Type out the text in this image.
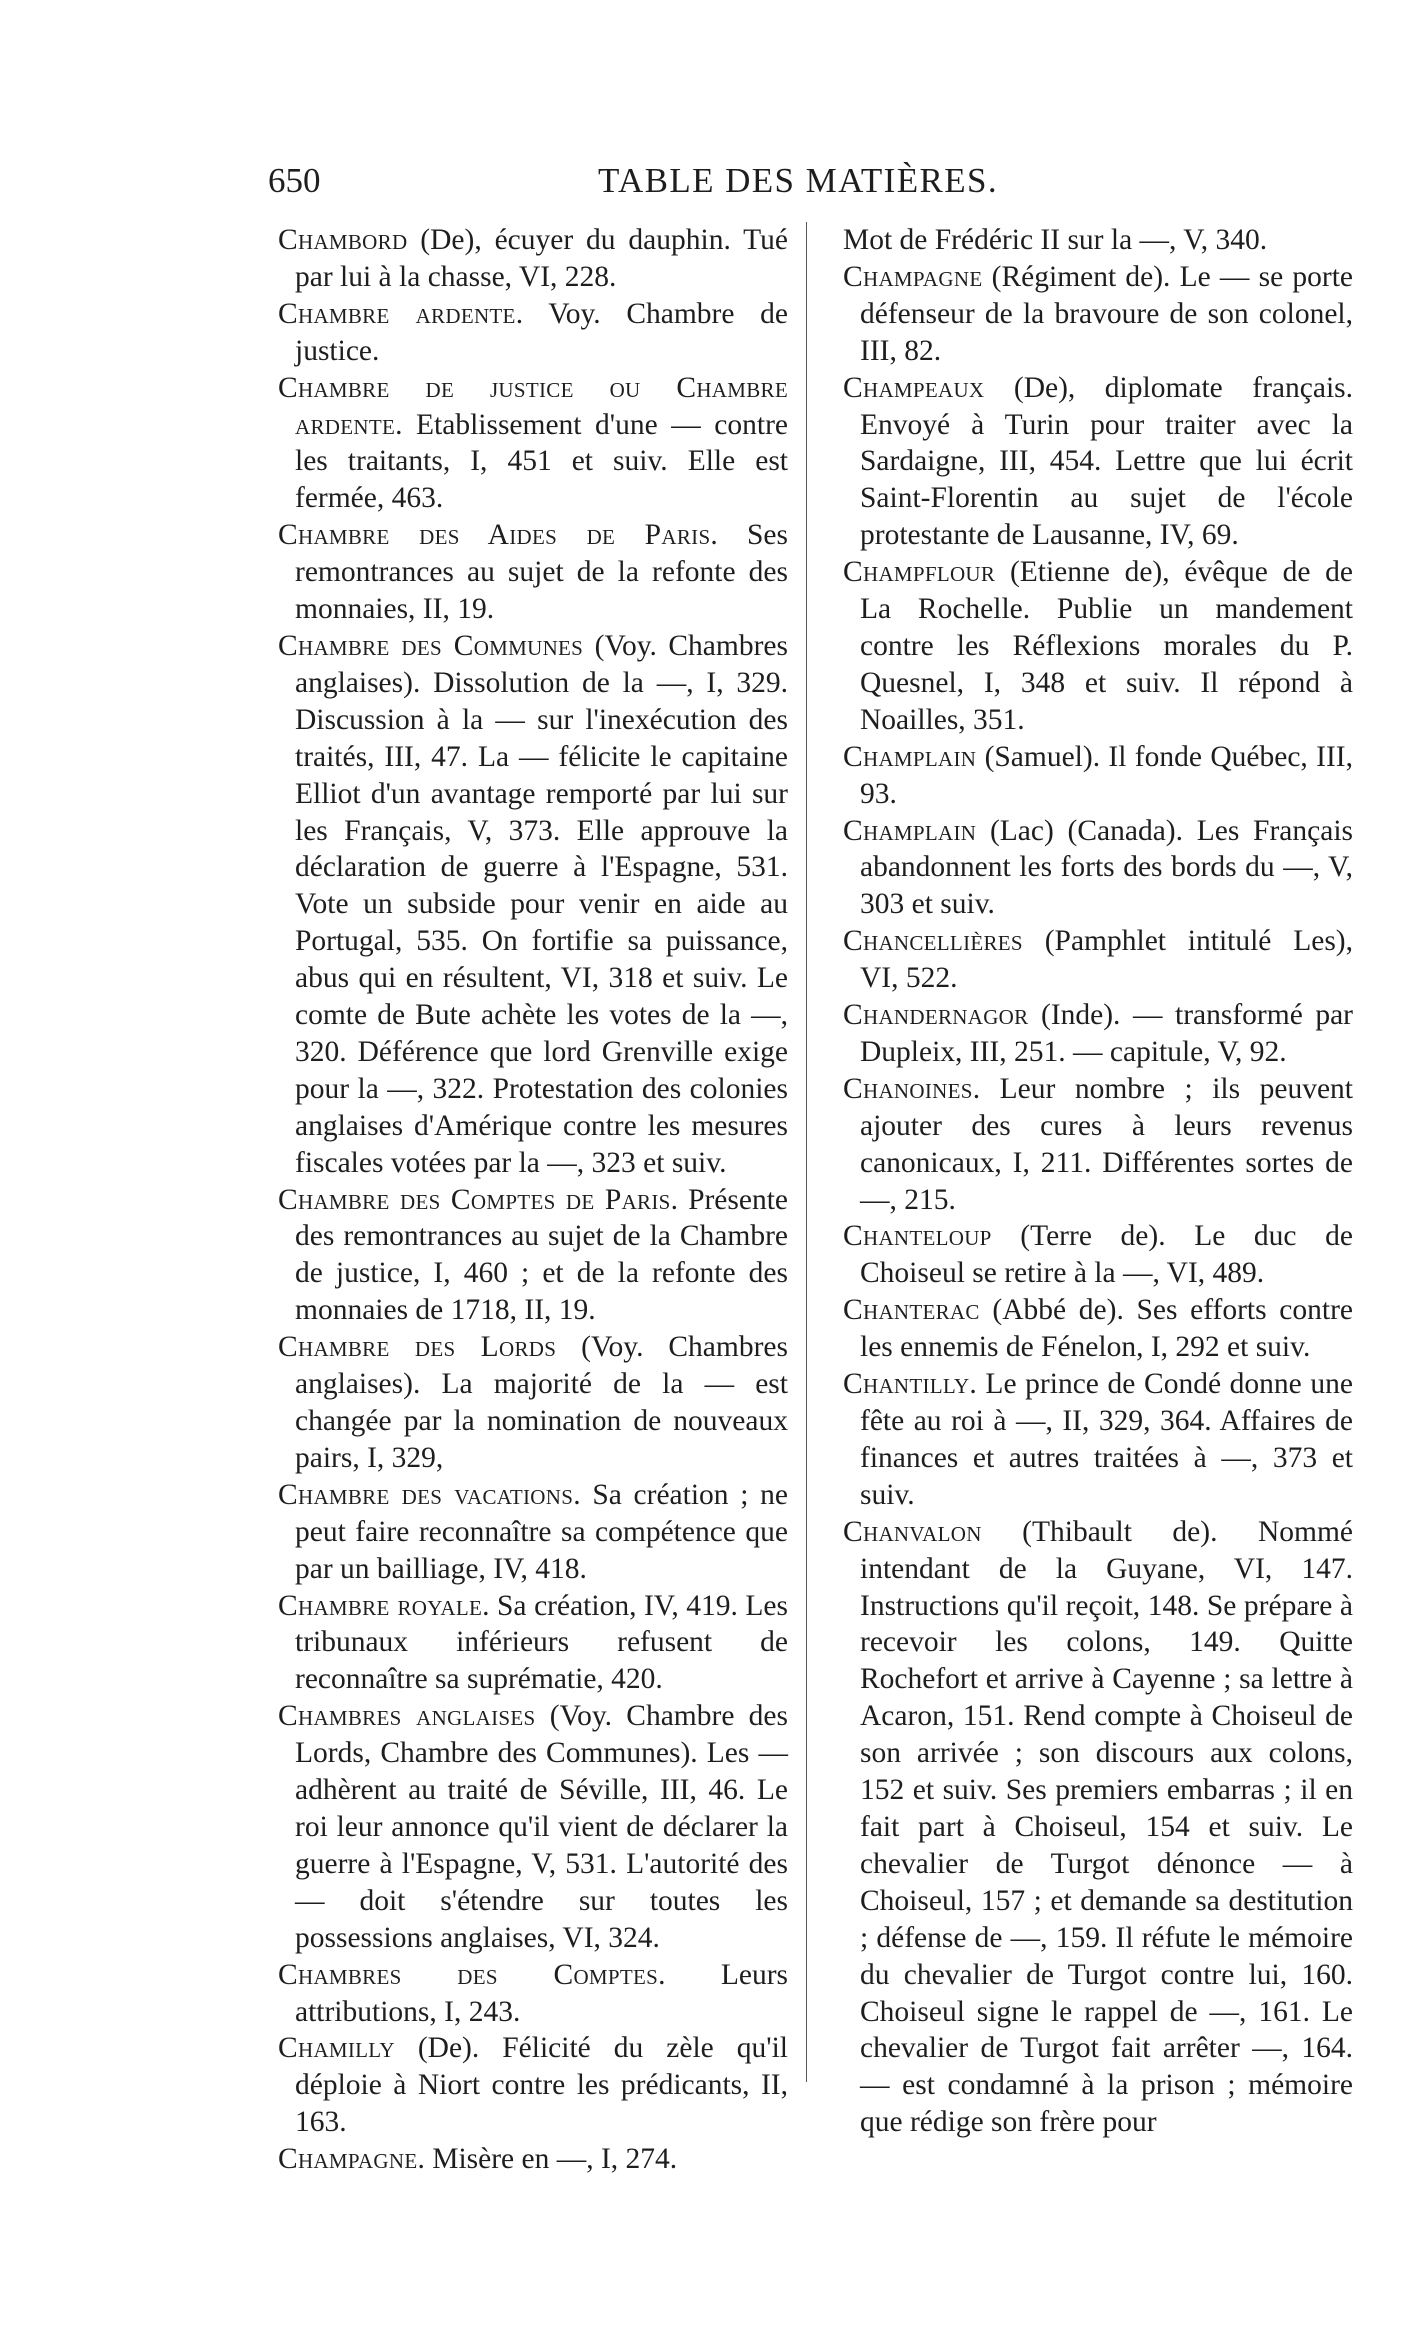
650	TABLE DES MATIÈRES.

Chambord (De), écuyer du dauphin. Tué par lui à la chasse, VI, 228.

Chambre ardente. Voy. Chambre de justice.

Chambre de justice ou Chambre ardente. Etablissement d'une — contre les traitants, I, 451 et suiv. Elle est fermée, 463.

Chambre des Aides de Paris. Ses remontrances au sujet de la refonte des monnaies, II, 19.

Chambre des Communes (Voy. Chambres anglaises). Dissolution de la —, I, 329. Discussion à la — sur l'inexécution des traités, III, 47. La — félicite le capitaine Elliot d'un avantage remporté par lui sur les Français, V, 373. Elle approuve la déclaration de guerre à l'Espagne, 531. Vote un subside pour venir en aide au Portugal, 535. On fortifie sa puissance, abus qui en résultent, VI, 318 et suiv. Le comte de Bute achète les votes de la —, 320. Déférence que lord Grenville exige pour la —, 322. Protestation des colonies anglaises d'Amérique contre les mesures fiscales votées par la —, 323 et suiv.

Chambre des Comptes de Paris. Présente des remontrances au sujet de la Chambre de justice, I, 460 ; et de la refonte des monnaies de 1718, II, 19.

Chambre des Lords (Voy. Chambres anglaises). La majorité de la — est changée par la nomination de nouveaux pairs, I, 329,

Chambre des vacations. Sa création ; ne peut faire reconnaître sa compétence que par un bailliage, IV, 418.

Chambre royale. Sa création, IV, 419. Les tribunaux inférieurs refusent de reconnaître sa suprématie, 420.

Chambres anglaises (Voy. Chambre des Lords, Chambre des Communes). Les — adhèrent au traité de Séville, III, 46. Le roi leur annonce qu'il vient de déclarer la guerre à l'Espagne, V, 531. L'autorité des — doit s'étendre sur toutes les possessions anglaises, VI, 324.

Chambres des Comptes. Leurs attributions, I, 243.

Chamilly (De). Félicité du zèle qu'il déploie à Niort contre les prédicants, II, 163.

Champagne. Misère en —, I, 274.

Mot de Frédéric II sur la —, V, 340.

Champagne (Régiment de). Le — se porte défenseur de la bravoure de son colonel, III, 82.

Champeaux (De), diplomate français. Envoyé à Turin pour traiter avec la Sardaigne, III, 454. Lettre que lui écrit Saint-Florentin au sujet de l'école protestante de Lausanne, IV, 69.

Champflour (Etienne de), évêque de de La Rochelle. Publie un mandement contre les Réflexions morales du P. Quesnel, I, 348 et suiv. Il répond à Noailles, 351.

Champlain (Samuel). Il fonde Québec, III, 93.

Champlain (Lac) (Canada). Les Français abandonnent les forts des bords du —, V, 303 et suiv.

Chancellières (Pamphlet intitulé Les), VI, 522.

Chandernagor (Inde). — transformé par Dupleix, III, 251. — capitule, V, 92.

Chanoines. Leur nombre ; ils peuvent ajouter des cures à leurs revenus canonicaux, I, 211. Différentes sortes de —, 215.

Chanteloup (Terre de). Le duc de Choiseul se retire à la —, VI, 489.

Chanterac (Abbé de). Ses efforts contre les ennemis de Fénelon, I, 292 et suiv.

Chantilly. Le prince de Condé donne une fête au roi à —, II, 329, 364. Affaires de finances et autres traitées à —, 373 et suiv.

Chanvalon (Thibault de). Nommé intendant de la Guyane, VI, 147. Instructions qu'il reçoit, 148. Se prépare à recevoir les colons, 149. Quitte Rochefort et arrive à Cayenne ; sa lettre à Acaron, 151. Rend compte à Choiseul de son arrivée ; son discours aux colons, 152 et suiv. Ses premiers embarras ; il en fait part à Choiseul, 154 et suiv. Le chevalier de Turgot dénonce — à Choiseul, 157 ; et demande sa destitution ; défense de —, 159. Il réfute le mémoire du chevalier de Turgot contre lui, 160. Choiseul signe le rappel de —, 161. Le chevalier de Turgot fait arrêter —, 164. — est condamné à la prison ; mémoire que rédige son frère pour
